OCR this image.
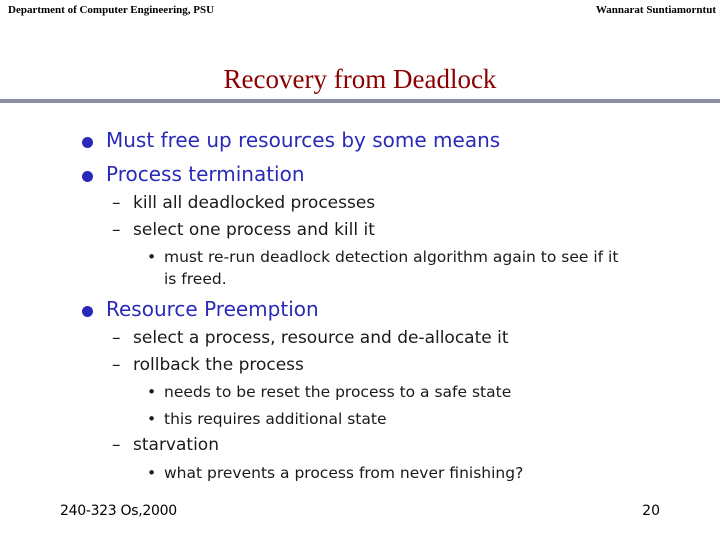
Department of Computer Engineering, PSU	Wannarat Suntiamorntut
Recovery from Deadlock
Must free up resources by some means
Process termination
– kill all deadlocked processes
– select one process and kill it
• must re-run deadlock detection algorithm again to see if it
is freed.
Resource Preemption
– select a process, resource and de-allocate it
– rollback the process
• needs to be reset the process to a safe state
• this requires additional state
– starvation
• what prevents a process from never finishing?
240-323 Os,2000	20
